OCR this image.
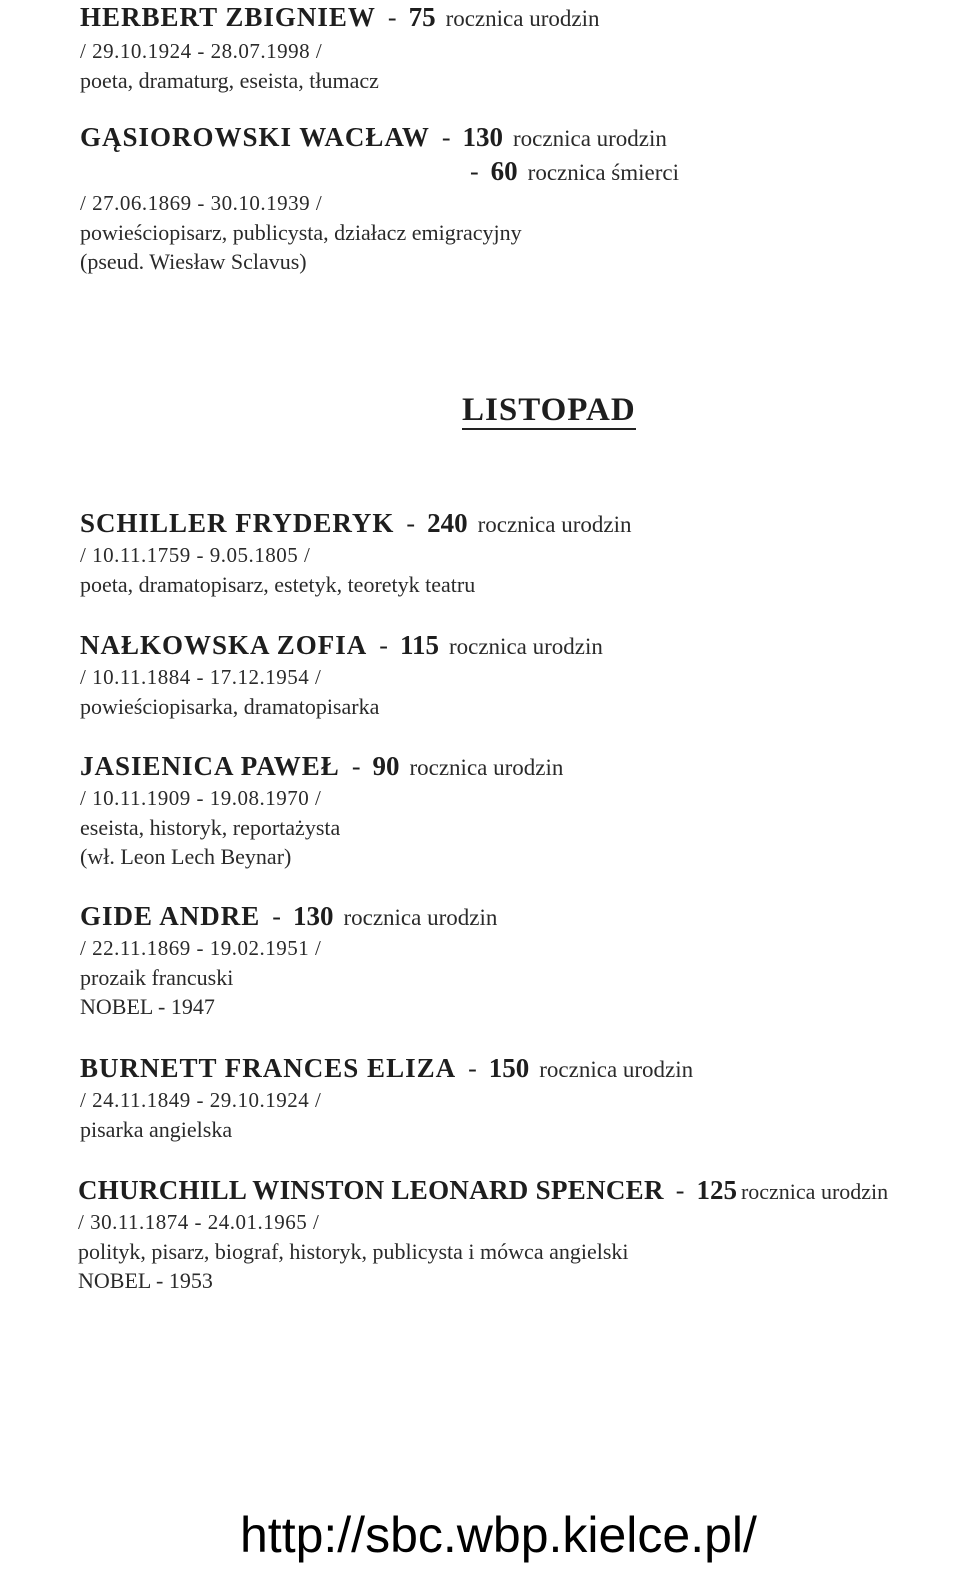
HERBERT ZBIGNIEW - 75 rocznica urodzin
/ 29.10.1924 - 28.07.1998 /
poeta, dramaturg, eseista, tłumacz
GĄSIOROWSKI WACŁAW - 130 rocznica urodzin
- 60 rocznica śmierci
/ 27.06.1869 - 30.10.1939 /
powieściopisarz, publicysta, działacz emigracyjny
(pseud. Wiesław Sclavus)
LISTOPAD
SCHILLER FRYDERYK - 240 rocznica urodzin
/ 10.11.1759 - 9.05.1805 /
poeta, dramatopisarz, estetyk, teoretyk teatru
NAŁKOWSKA ZOFIA - 115 rocznica urodzin
/ 10.11.1884 - 17.12.1954 /
powieściopisarka, dramatopisarka
JASIENICA PAWEŁ - 90 rocznica urodzin
/ 10.11.1909 - 19.08.1970 /
eseista, historyk, reportażysta
(wł. Leon Lech Beynar)
GIDE ANDRE - 130 rocznica urodzin
/ 22.11.1869 - 19.02.1951 /
prozaik francuski
NOBEL - 1947
BURNETT FRANCES ELIZA - 150 rocznica urodzin
/ 24.11.1849 - 29.10.1924 /
pisarka angielska
CHURCHILL WINSTON LEONARD SPENCER - 125 rocznica urodzin
/ 30.11.1874 - 24.01.1965 /
polityk, pisarz, biograf, historyk, publicysta i mówca angielski
NOBEL - 1953
http://sbc.wbp.kielce.pl/
